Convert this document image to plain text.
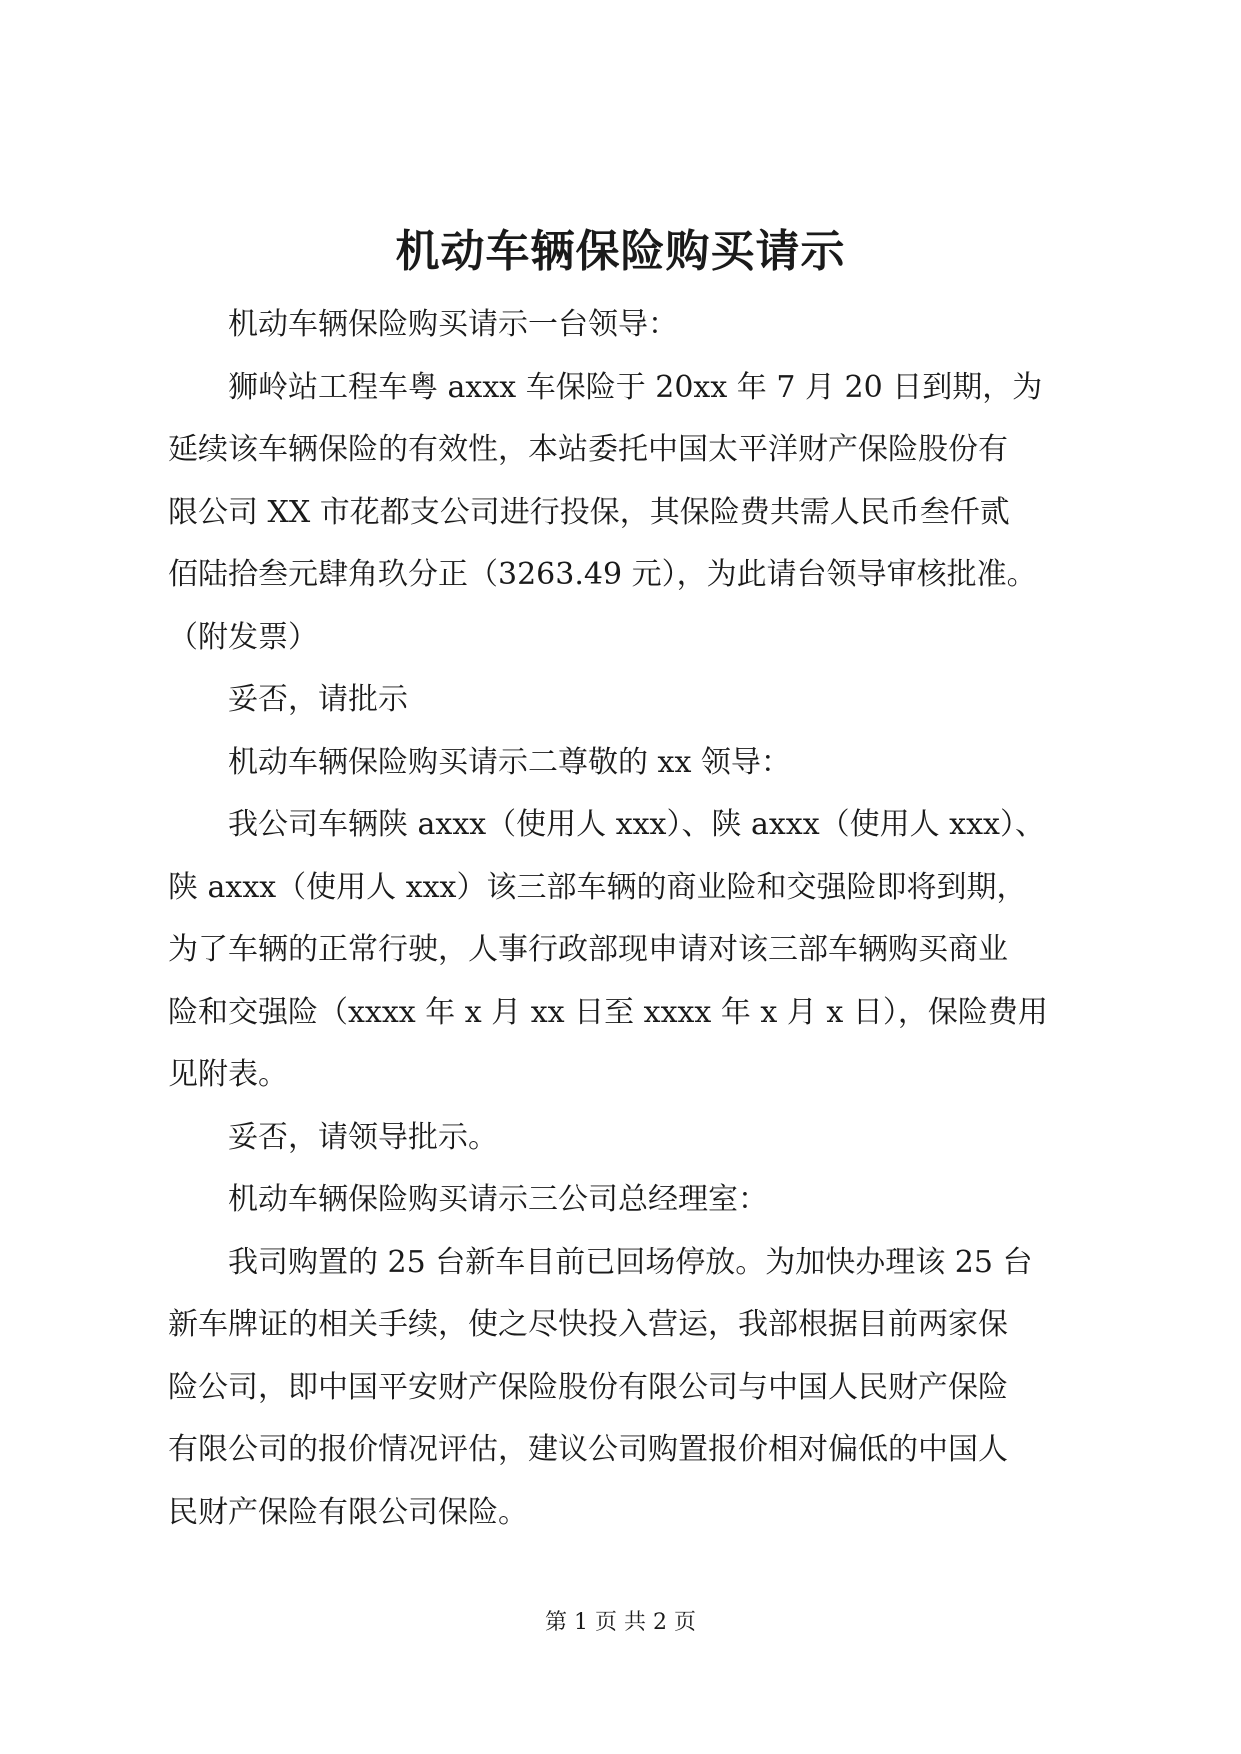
机动车辆保险购买请示

机动车辆保险购买请示一台领导：

狮岭站工程车粤 axxx 车保险于 20xx 年 7 月 20 日到期，为
延续该车辆保险的有效性，本站委托中国太平洋财产保险股份有
限公司 XX 市花都支公司进行投保，其保险费共需人民币叁仟贰
佰陆拾叁元肆角玖分正（3263.49 元），为此请台领导审核批准。
（附发票）

妥否，请批示

机动车辆保险购买请示二尊敬的 xx 领导：

我公司车辆陕 axxx（使用人 xxx）、陕 axxx（使用人 xxx）、
陕 axxx（使用人 xxx）该三部车辆的商业险和交强险即将到期，
为了车辆的正常行驶，人事行政部现申请对该三部车辆购买商业
险和交强险（xxxx 年 x 月 xx 日至 xxxx 年 x 月 x 日），保险费用
见附表。

妥否，请领导批示。

机动车辆保险购买请示三公司总经理室：

我司购置的 25 台新车目前已回场停放。为加快办理该 25 台
新车牌证的相关手续，使之尽快投入营运，我部根据目前两家保
险公司，即中国平安财产保险股份有限公司与中国人民财产保险
有限公司的报价情况评估，建议公司购置报价相对偏低的中国人
民财产保险有限公司保险。

第 1 页 共 2 页
